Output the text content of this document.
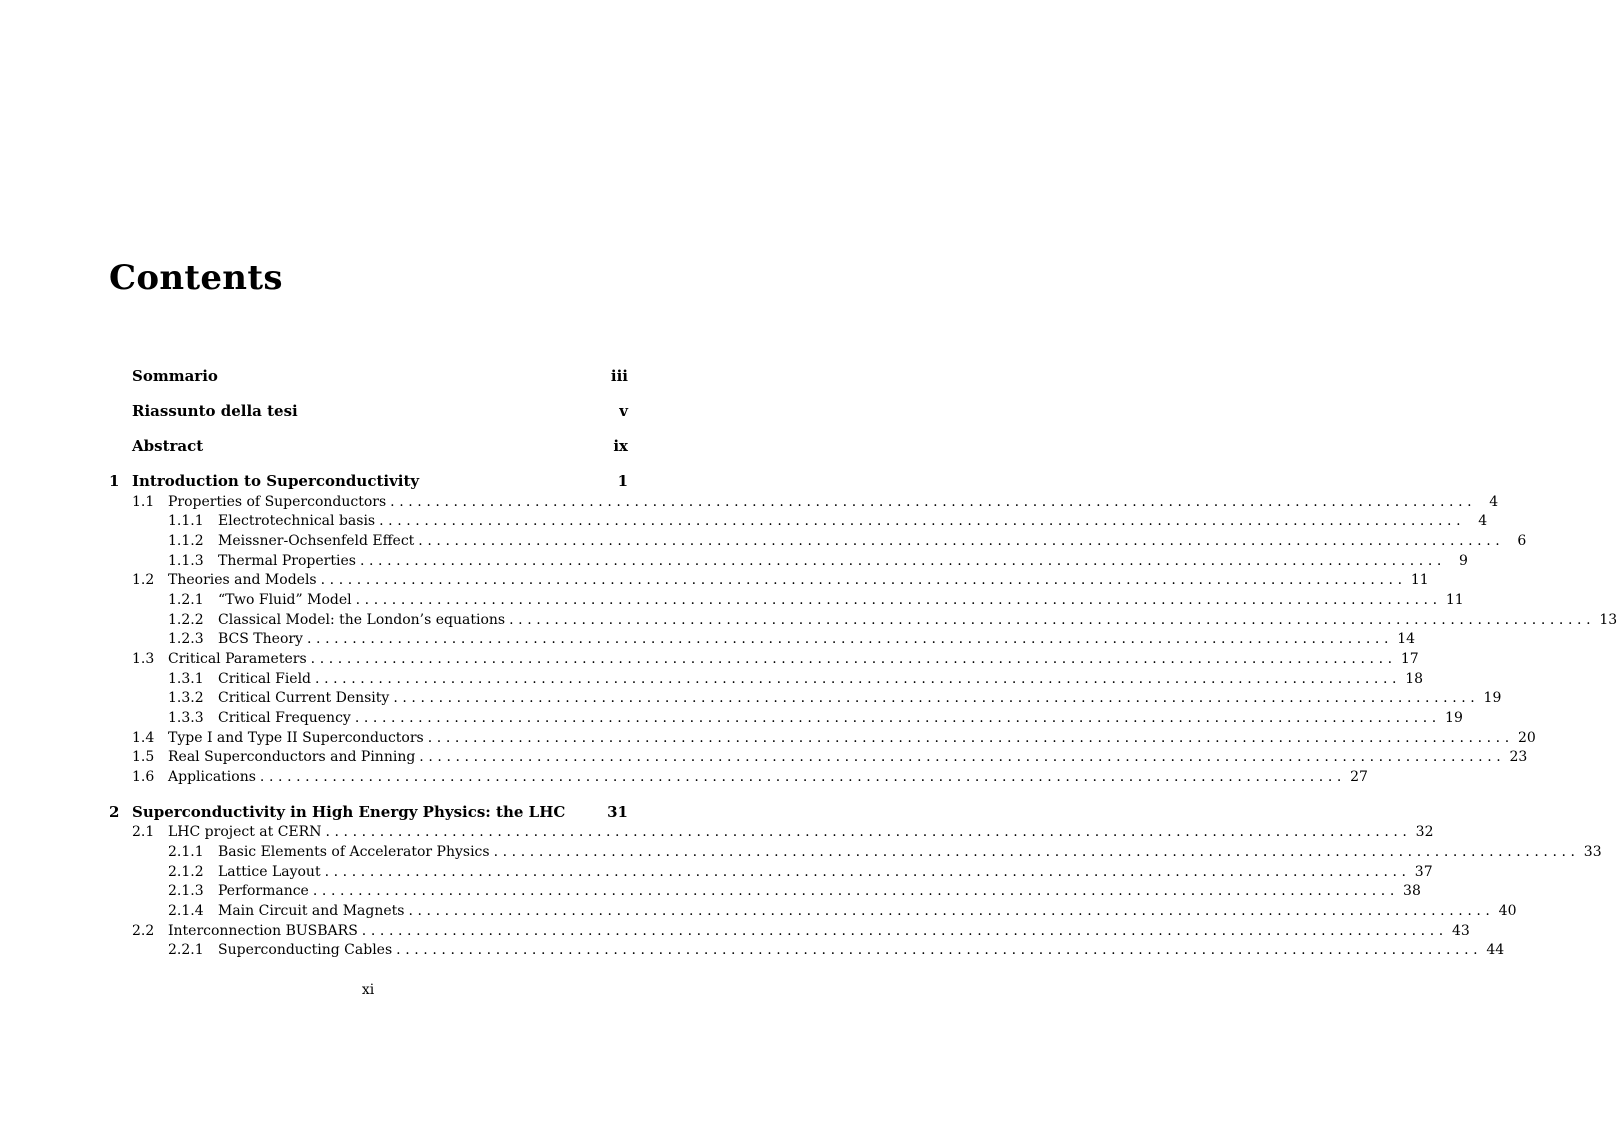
Contents
Sommario	iii
Riassunto della tesi	v
Abstract	ix
1 Introduction to Superconductivity	1
1.1 Properties of Superconductors ........................................................................................................................ 4
1.1.1	Electrotechnical basis ........................................................................................................................ 4
1.1.2	Meissner-Ochsenfeld Effect ........................................................................................................................ 6
1.1.3	Thermal Properties ........................................................................................................................ 9
1.2 Theories and Models ........................................................................................................................ 11
1.2.1	“Two Fluid” Model ........................................................................................................................ 11
1.2.2	Classical Model: the London’s equations ........................................................................................................................ 13
1.2.3	BCS Theory ........................................................................................................................ 14
1.3 Critical Parameters ........................................................................................................................ 17
1.3.1	Critical Field ........................................................................................................................ 18
1.3.2	Critical Current Density ........................................................................................................................ 19
1.3.3	Critical Frequency ........................................................................................................................ 19
1.4 Type I and Type II Superconductors ........................................................................................................................ 20
1.5 Real Superconductors and Pinning ........................................................................................................................ 23
1.6 Applications ........................................................................................................................ 27
2 Superconductivity in High Energy Physics: the LHC	31
2.1 LHC project at CERN ........................................................................................................................ 32
2.1.1	Basic Elements of Accelerator Physics ........................................................................................................................ 33
2.1.2	Lattice Layout ........................................................................................................................ 37
2.1.3	Performance ........................................................................................................................ 38
2.1.4	Main Circuit and Magnets ........................................................................................................................ 40
2.2 Interconnection BUSBARS ........................................................................................................................ 43
2.2.1	Superconducting Cables ........................................................................................................................ 44
xi
